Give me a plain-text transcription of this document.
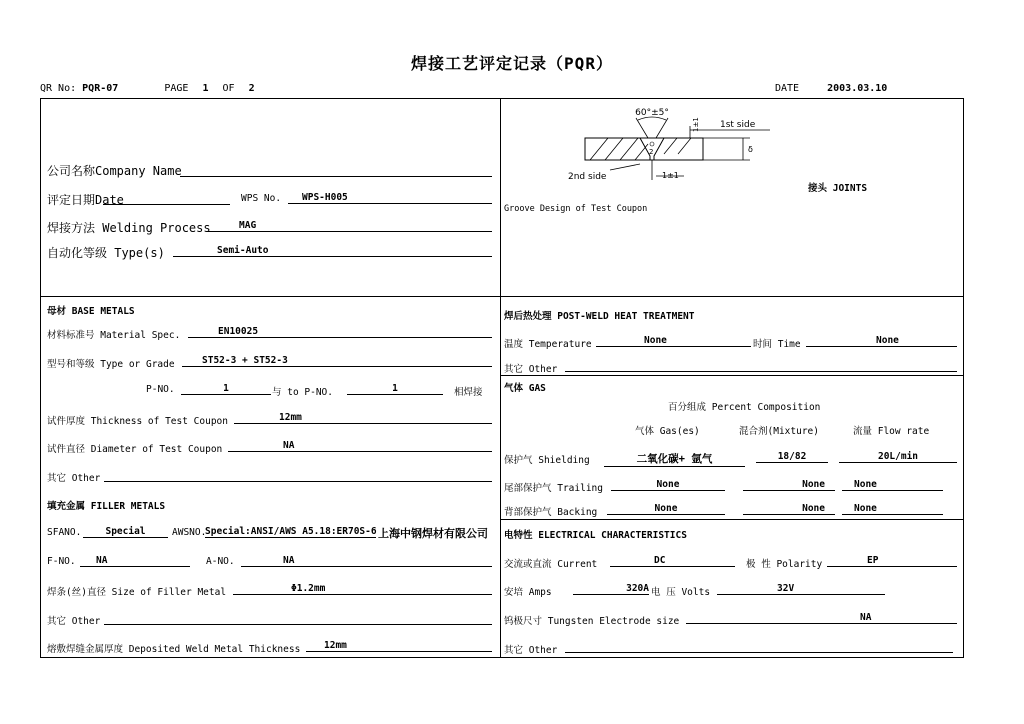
焊接工艺评定记录（PQR）
QR No: PQR-07	PAGE 1 OF 2	DATE	2003.03.10
公司名称Company Name
评定日期Date	WPS No.	WPS-H005
焊接方法 Welding Process	MAG
自动化等级 Type(s)	Semi-Auto
60°±5°
1st side
2nd side	1±1
1±1
δ
2
接头 JOINTS
Groove Design of Test Coupon
母材 BASE METALS
材料标准号 Material Spec.	EN10025
型号和等级 Type or Grade	ST52-3 + ST52-3
P-NO.	1	与 to P-NO.	1	相焊接
试件厚度 Thickness of Test Coupon	12mm
试件直径 Diameter of Test Coupon	NA
其它 Other
填充金属 FILLER METALS
SFANO.	Special	AWSNO.
Special:ANSI/AWS A5.18:ER70S-6 上海中钢焊材有限公司
F-NO.	NA	A-NO.	NA
焊条(丝)直径 Size of Filler Metal	Φ1.2mm
其它 Other
熔敷焊缝金属厚度 Deposited Weld Metal Thickness	12mm
焊后热处理 POST-WELD HEAT TREATMENT
温度 Temperature	None	时间 Time	None
其它 Other
气体 GAS
百分组成 Percent Composition
气体 Gas(es)	混合剂(Mixture)	流量 Flow rate
保护气 Shielding	二氧化碳+ 氩气	18/82	20L/min
尾部保护气 Trailing	None	None	None
背部保护气 Backing	None	None	None
电特性 ELECTRICAL CHARACTERISTICS
交流或直流 Current	DC	极 性 Polarity	EP
安培 Amps	320A 电 压 Volts	32V
钨极尺寸 Tungsten Electrode size	NA
其它 Other
